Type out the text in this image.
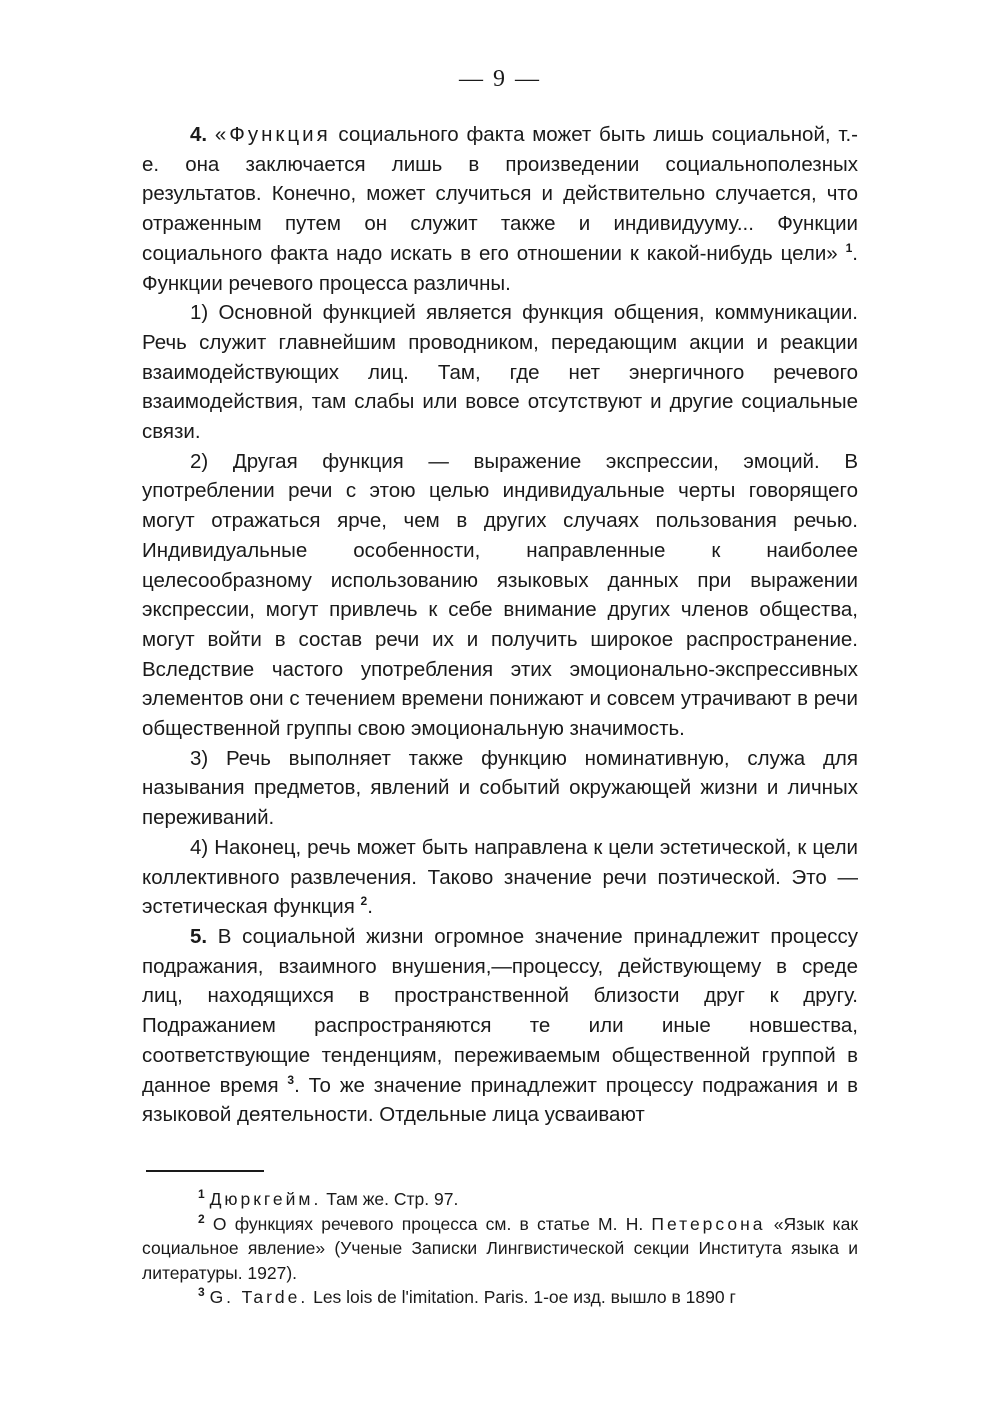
— 9 —

4. «Функция социального факта может быть лишь социальной, т.-е. она заключается лишь в произведении социальнополезных результатов. Конечно, может случиться и действительно случается, что отраженным путем он служит также и индивидууму... Функции социального факта надо искать в его отношении к какой-нибудь цели» $^1$. Функции речевого процесса различны.

1) Основной функцией является функция общения, коммуникации. Речь служит главнейшим проводником, передающим акции и реакции взаимодействующих лиц. Там, где нет энергичного речевого взаимодействия, там слабы или вовсе отсутствуют и другие социальные связи.

2) Другая функция — выражение экспрессии, эмоций. В употреблении речи с этою целью индивидуальные черты говорящего могут отражаться ярче, чем в других случаях пользования речью. Индивидуальные особенности, направленные к наиболее целесообразному использованию языковых данных при выражении экспрессии, могут привлечь к себе внимание других членов общества, могут войти в состав речи их и получить широкое распространение. Вследствие частого употребления этих эмоционально-экспрессивных элементов они с течением времени понижают и совсем утрачивают в речи общественной группы свою эмоциональную значимость.

3) Речь выполняет также функцию номинативную, служа для называния предметов, явлений и событий окружающей жизни и личных переживаний.

4) Наконец, речь может быть направлена к цели эстетической, к цели коллективного развлечения. Таково значение речи поэтической. Это — эстетическая функция $^2$.

5. В социальной жизни огромное значение принадлежит процессу подражания, взаимного внушения,—процессу, действующему в среде лиц, находящихся в пространственной близости друг к другу. Подражанием распространяются те или иные новшества, соответствующие тенденциям, переживаемым общественной группой в данное время $^3$. То же значение принадлежит процессу подражания и в языковой деятельности. Отдельные лица усваивают

$^1$ Дюркгейм. Там же. Стр. 97.

$^2$ О функциях речевого процесса см. в статье М. Н. Петерсона «Язык как социальное явление» (Ученые Записки Лингвистической секции Института языка и литературы. 1927).

$^3$ G. Tarde. Les lois de l'imitation. Paris. 1-ое изд. вышло в 1890 г
